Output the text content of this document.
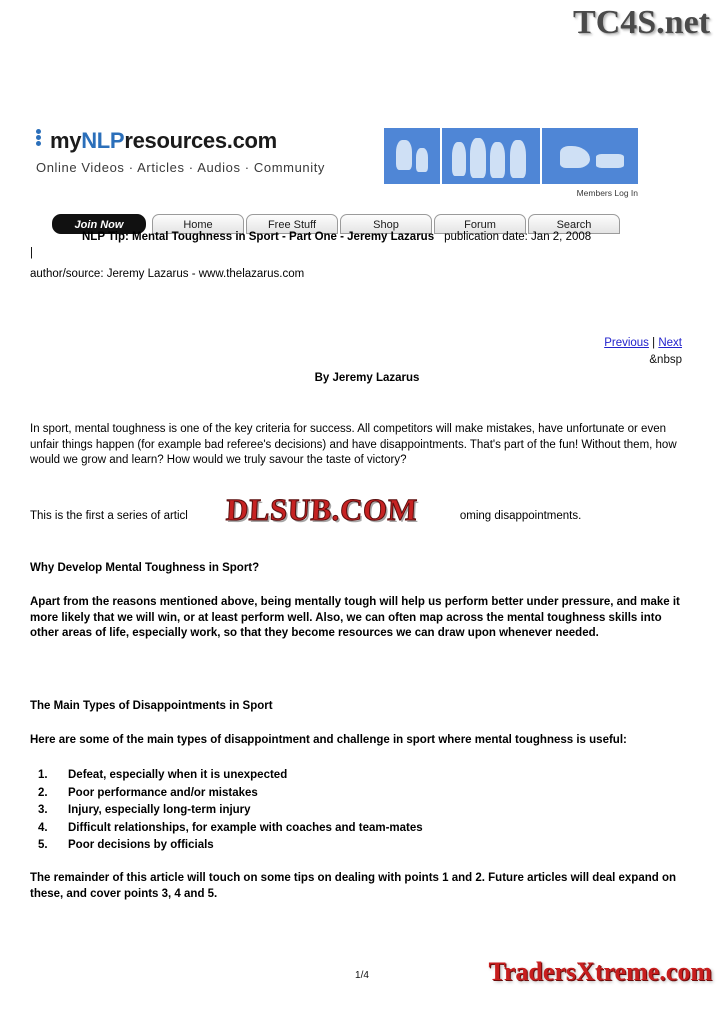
TC4S.net
myNLPresources.com
Online Videos · Articles · Audios · Community
Members Log In
Join Now	Home	Free Stuff	Shop	Forum	Search
NLP Tip: Mental Toughness in Sport - Part One - Jeremy Lazarus publication date: Jan 2, 2008
|
author/source: Jeremy Lazarus - www.thelazarus.com
Previous | Next
&nbsp
By Jeremy Lazarus
In sport, mental toughness is one of the key criteria for success. All competitors will make mistakes, have unfortunate or even unfair things happen (for example bad referee's decisions) and have disappointments. That's part of the fun! Without them, how would we grow and learn? How would we truly savour the taste of victory?
This is the first a series of articl	oming disappointments.
DLSUB.COM
Why Develop Mental Toughness in Sport?
Apart from the reasons mentioned above, being mentally tough will help us perform better under pressure, and make it more likely that we will win, or at least perform well. Also, we can often map across the mental toughness skills into other areas of life, especially work, so that they become resources we can draw upon whenever needed.
The Main Types of Disappointments in Sport
Here are some of the main types of disappointment and challenge in sport where mental toughness is useful:
1. Defeat, especially when it is unexpected
2. Poor performance and/or mistakes
3. Injury, especially long-term injury
4. Difficult relationships, for example with coaches and team-mates
5. Poor decisions by officials
The remainder of this article will touch on some tips on dealing with points 1 and 2. Future articles will deal expand on these, and cover points 3, 4 and 5.
1/4	TradersXtreme.com
